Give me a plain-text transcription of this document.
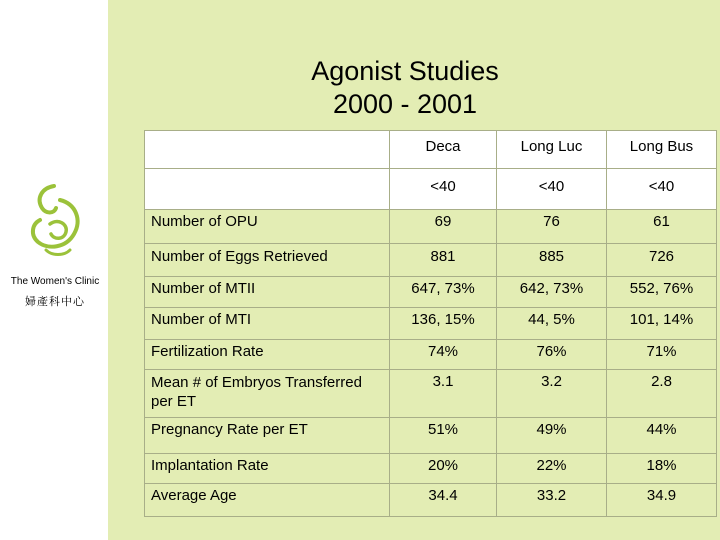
The Women's Clinic
婦產科中心
Agonist Studies
2000 - 2001
	Deca	Long Luc	Long Bus
	<40	<40	<40
Number of OPU	69	76	61
Number of Eggs Retrieved	881	885	726
Number of MTII	647, 73%	642, 73%	552, 76%
Number of MTI	136, 15%	44, 5%	101, 14%
Fertilization Rate	74%	76%	71%
Mean # of Embryos Transferred per ET	3.1	3.2	2.8
Pregnancy Rate per ET	51%	49%	44%
Implantation Rate	20%	22%	18%
Average Age	34.4	33.2	34.9
